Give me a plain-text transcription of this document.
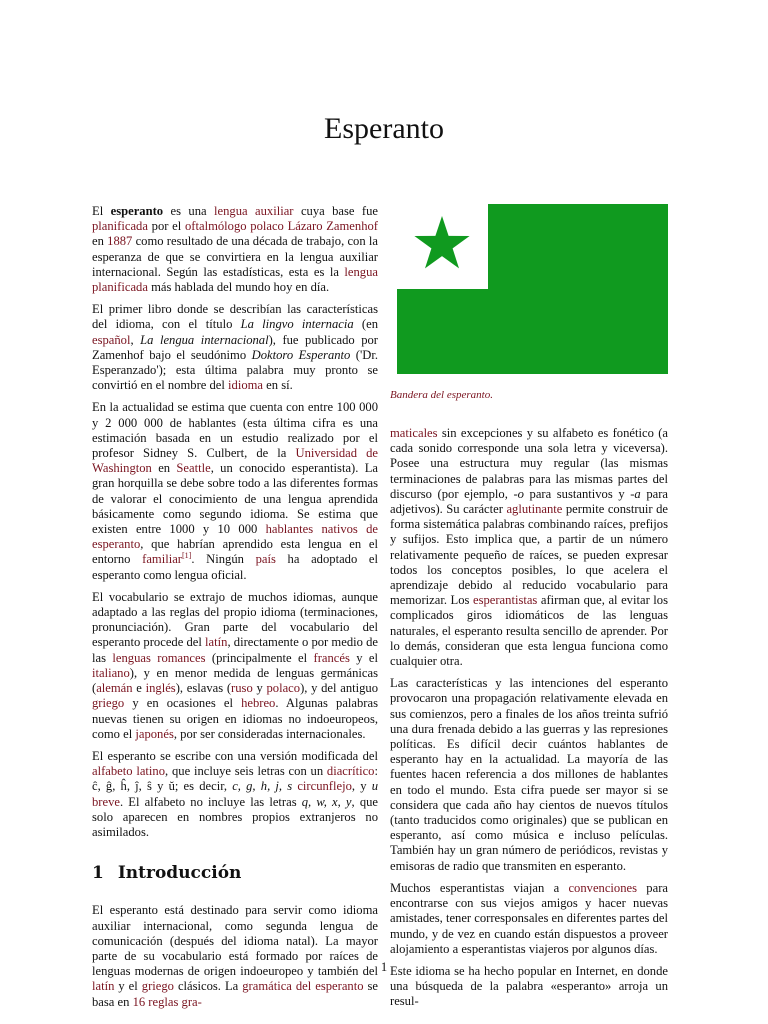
Esperanto
Bandera del esperanto.

El esperanto es una lengua auxiliar cuya base fue planificada por el oftalmólogo polaco Lázaro Zamenhof en 1887 como resultado de una década de trabajo, con la esperanza de que se convirtiera en la lengua auxiliar internacional. Según las estadísticas, esta es la lengua planificada más hablada del mundo hoy en día.

El primer libro donde se describían las características del idioma, con el título La lingvo internacia (en español, La lengua internacional), fue publicado por Zamenhof bajo el seudónimo Doktoro Esperanto ('Dr. Esperanzado'); esta última palabra muy pronto se convirtió en el nombre del idioma en sí.

En la actualidad se estima que cuenta con entre 100 000 y 2 000 000 de hablantes (esta última cifra es una estimación basada en un estudio realizado por el profesor Sidney S. Culbert, de la Universidad de Washington en Seattle, un conocido esperantista). La gran horquilla se debe sobre todo a las diferentes formas de valorar el conocimiento de una lengua aprendida básicamente como segundo idioma. Se estima que existen entre 1000 y 10 000 hablantes nativos de esperanto, que habrían aprendido esta lengua en el entorno familiar[1]. Ningún país ha adoptado el esperanto como lengua oficial.

El vocabulario se extrajo de muchos idiomas, aunque adaptado a las reglas del propio idioma (terminaciones, pronunciación). Gran parte del vocabulario del esperanto procede del latín, directamente o por medio de las lenguas romances (principalmente el francés y el italiano), y en menor medida de lenguas germánicas (alemán e inglés), eslavas (ruso y polaco), y del antiguo griego y en ocasiones el hebreo. Algunas palabras nuevas tienen su origen en idiomas no indoeuropeos, como el japonés, por ser consideradas internacionales.

El esperanto se escribe con una versión modificada del alfabeto latino, que incluye seis letras con un diacrítico: ĉ, ĝ, ĥ, ĵ, ŝ y ŭ; es decir, c, g, h, j, s circunflejo, y u breve. El alfabeto no incluye las letras q, w, x, y, que solo aparecen en nombres propios extranjeros no asimilados.

1 Introducción

El esperanto está destinado para servir como idioma auxiliar internacional, como segunda lengua de comunicación (después del idioma natal). La mayor parte de su vocabulario está formado por raíces de lenguas modernas de origen indoeuropeo y también del latín y el griego clásicos. La gramática del esperanto se basa en 16 reglas gra-

maticales sin excepciones y su alfabeto es fonético (a cada sonido corresponde una sola letra y viceversa). Posee una estructura muy regular (las mismas terminaciones de palabras para las mismas partes del discurso (por ejemplo, -o para sustantivos y -a para adjetivos). Su carácter aglutinante permite construir de forma sistemática palabras combinando raíces, prefijos y sufijos. Esto implica que, a partir de un número relativamente pequeño de raíces, se pueden expresar todos los conceptos posibles, lo que acelera el aprendizaje debido al reducido vocabulario para memorizar. Los esperantistas afirman que, al evitar los complicados giros idiomáticos de las lenguas naturales, el esperanto resulta sencillo de aprender. Por lo demás, consideran que esta lengua funciona como cualquier otra.

Las características y las intenciones del esperanto provocaron una propagación relativamente elevada en sus comienzos, pero a finales de los años treinta sufrió una dura frenada debido a las guerras y las represiones políticas. Es difícil decir cuántos hablantes de esperanto hay en la actualidad. La mayoría de las fuentes hacen referencia a dos millones de hablantes en todo el mundo. Esta cifra puede ser mayor si se considera que cada año hay cientos de nuevos títulos (tanto traducidos como originales) que se publican en esperanto, así como música e incluso películas. También hay un gran número de periódicos, revistas y emisoras de radio que transmiten en esperanto.

Muchos esperantistas viajan a convenciones para encontrarse con sus viejos amigos y hacer nuevas amistades, tener corresponsales en diferentes partes del mundo, y de vez en cuando están dispuestos a proveer alojamiento a esperantistas viajeros por algunos días.

Este idioma se ha hecho popular en Internet, en donde una búsqueda de la palabra «esperanto» arroja un resul-

1
